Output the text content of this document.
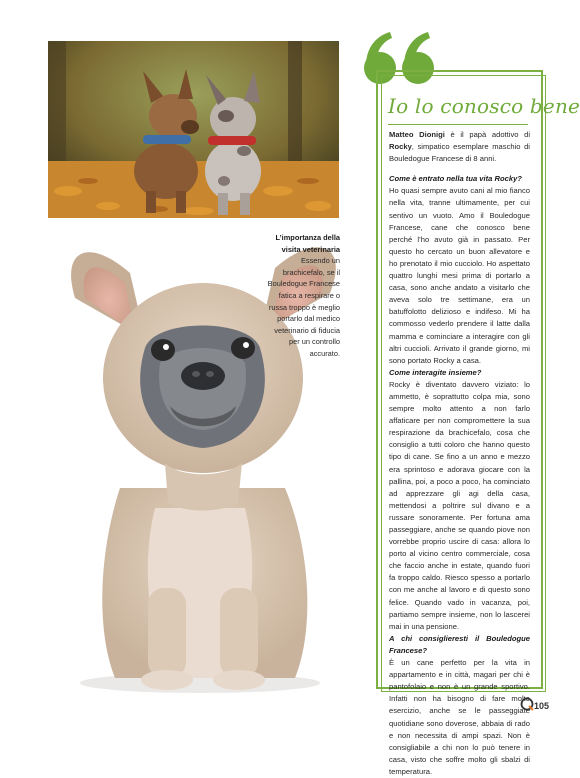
L’importanza della visita veterinaria
Essendo un brachicefalo, se il Bouledogue Francese fatica a respirare o russa troppo è meglio portarlo dal medico veterinario di fiducia per un controllo accurato.
Io lo conosco bene

Matteo Dionigi è il papà adottivo di Rocky, simpatico esemplare maschio di Bouledogue Francese di 8 anni.

Come è entrato nella tua vita Rocky?

Ho quasi sempre avuto cani al mio fianco nella vita, tranne ultimamente, per cui sentivo un vuoto. Amo il Bouledogue Francese, cane che conosco bene perché l’ho avuto già in passato. Per questo ho cercato un buon allevatore e ho prenotato il mio cucciolo. Ho aspettato quattro lunghi mesi prima di portarlo a casa, sono anche andato a visitarlo che aveva solo tre settimane, era un batuffolotto delizioso e indifeso. Mi ha commosso vederlo prendere il latte dalla mamma e cominciare a interagire con gli altri cuccioli. Arrivato il grande giorno, mi sono portato Rocky a casa.

Come interagite insieme?

Rocky è diventato davvero viziato: lo ammetto, è soprattutto colpa mia, sono sempre molto attento a non farlo affaticare per non compromettere la sua respirazione da brachicefalo, cosa che consiglio a tutti coloro che hanno questo tipo di cane. Se fino a un anno e mezzo era sprintoso e adorava giocare con la pallina, poi, a poco a poco, ha cominciato ad apprezzare gli agi della casa, mettendosi a poltrire sul divano e a russare sonoramente. Per fortuna ama passeggiare, anche se quando piove non vorrebbe proprio uscire di casa: allora lo porto al vicino centro commerciale, cosa che faccio anche in estate, quando fuori fa troppo caldo. Riesco spesso a portarlo con me anche al lavoro e di questo sono felice. Quando vado in vacanza, poi, partiamo sempre insieme, non lo lascerei mai in una pensione.

A chi consiglieresti il Bouledogue Francese?

È un cane perfetto per la vita in appartamento e in città, magari per chi è pantofolaio e non è un grande sportivo. Infatti non ha bisogno di fare molto esercizio, anche se le passeggiate quotidiane sono doverose, abbaia di rado e non necessita di ampi spazi. Non è consigliabile a chi non lo può tenere in casa, visto che soffre molto gli sbalzi di temperatura.

105
